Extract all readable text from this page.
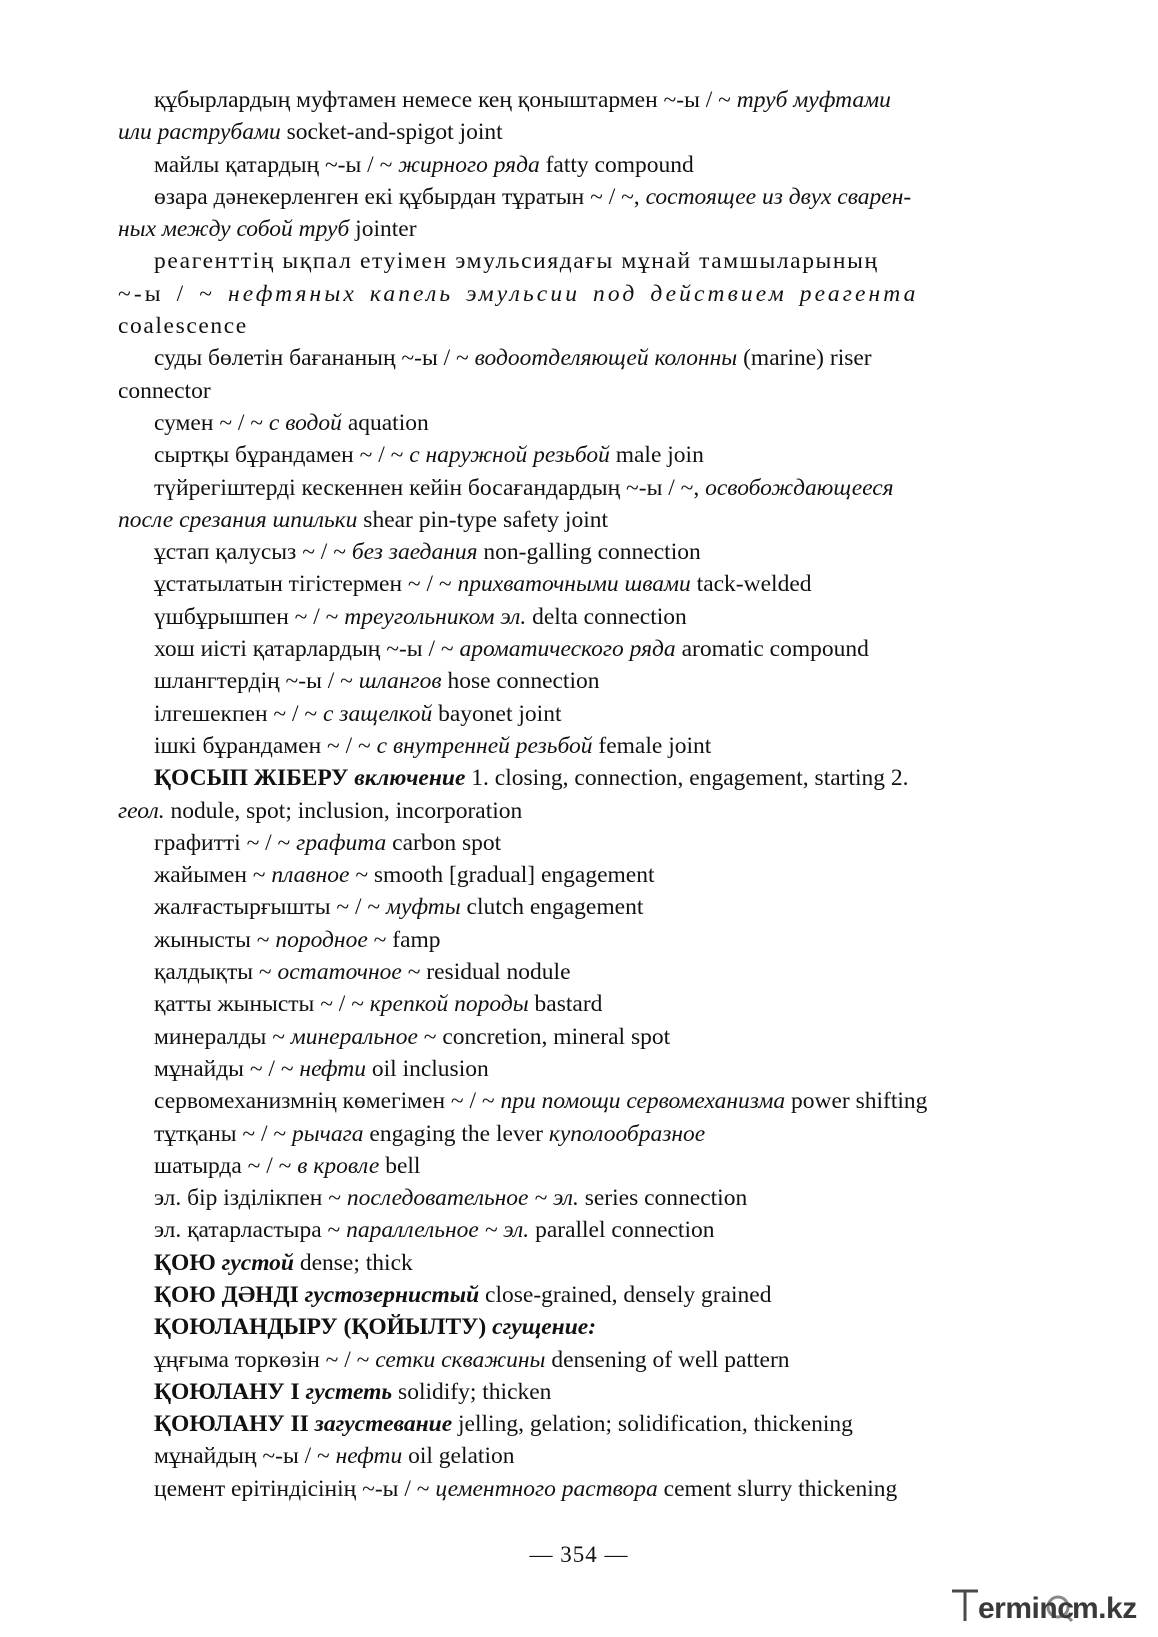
құбырлардың муфтамен немесе кең қоныштармен ~-ы / ~ труб муфтами

или раструбами socket-and-spigot joint

майлы қатардың ~-ы / ~ жирного ряда fatty compound

өзара дәнекерленген екі құбырдан тұратын ~ / ~, состоящее из двух сварен-

ных между собой труб jointer

реагенттің ықпал етуімен эмульсиядағы мұнай тамшыларының

~-ы / ~ нефтяных капель эмульсии под действием реагента

coalescence

суды бөлетін бағананың ~-ы / ~ водоотделяющей колонны (marine) riser

connector

сумен ~ / ~ с водой aquation

сыртқы бұрандамен ~ / ~ с наружной резьбой male join

түйрегіштерді кескеннен кейін босағандардың ~-ы / ~, освобождающееся

после срезания шпильки shear pin-type safety joint

ұстап қалусыз ~ / ~ без заедания non-galling connection

ұстатылатын тігістермен ~ / ~ прихваточными швами tack-welded

үшбұрышпен ~ / ~ треугольником эл. delta connection

хош иісті қатарлардың ~-ы / ~ ароматического ряда aromatic compound

шлангтердің ~-ы / ~ шлангов hose connection

ілгешекпен ~ / ~ с защелкой bayonet joint

ішкі бұрандамен ~ / ~ с внутренней резьбой female joint

ҚОСЫП ЖІБЕРУ включение 1. closing, connection, engagement, starting 2.

геол. nodule, spot; inclusion, incorporation

графитті ~ / ~ графита carbon spot

жайымен ~ плавное ~ smooth [gradual] engagement

жалғастырғышты ~ / ~ муфты clutch engagement

жынысты ~ породное ~ famp

қалдықты ~ остаточное ~ residual nodule

қатты жынысты ~ / ~ крепкой породы bastard

минералды ~ минеральное ~ concretion, mineral spot

мұнайды ~ / ~ нефти oil inclusion

сервомеханизмнің көмегімен ~ / ~ при помощи сервомеханизма power shifting

тұтқаны ~ / ~ рычага engaging the lever куполообразное

шатырда ~ / ~ в кровле bell

эл. бір ізділікпен ~ последовательное ~ эл. series connection

эл. қатарластыра ~ параллельное ~ эл. parallel connection

ҚОЮ густой dense; thick

ҚОЮ ДӘНДІ густозернистый close-grained, densely grained

ҚОЮЛАНДЫРУ (ҚОЙЫЛТУ) сгущение:

ұңғыма торкөзін ~ / ~ сетки скважины densening of well pattern

ҚОЮЛАНУ І густеть solidify; thicken

ҚОЮЛАНУ ІІ загустевание jelling, gelation; solidification, thickening

мұнайдың ~-ы / ~ нефти oil gelation

цемент ерітіндісінің ~-ы / ~ цементного раствора cement slurry thickening

— 354 —
erminc
m.kz
